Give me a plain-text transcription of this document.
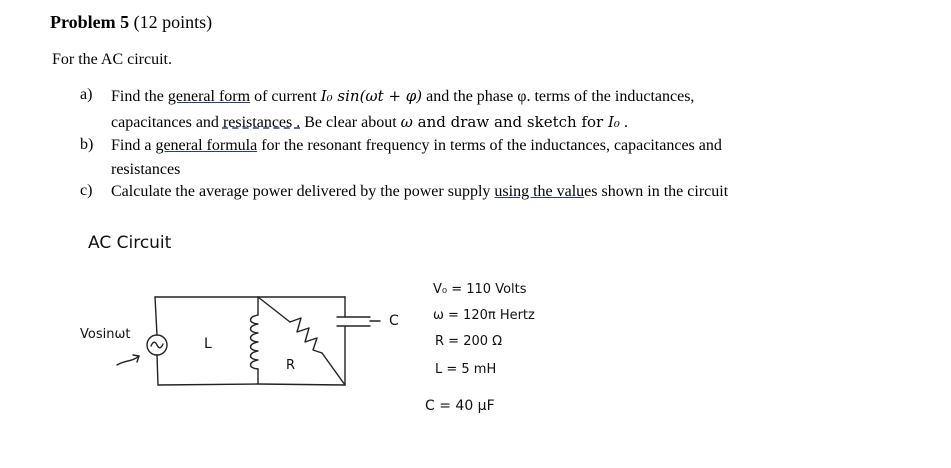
Problem 5 (12 points)
For the AC circuit.
a) Find the general form of current I₀ sin(ωt + φ) and the phase φ. terms of the inductances,
capacitances and resistances . Be clear about ω and draw and sketch for I₀ .
b) Find a general formula for the resonant frequency in terms of the inductances, capacitances and
resistances
c) Calculate the average power delivered by the power supply using the values shown in the circuit
AC Circuit
Vosinωt
L
R
C
V₀ = 110 Volts
ω = 120π Hertz
R = 200 Ω
L = 5 mH
C = 40 μF
